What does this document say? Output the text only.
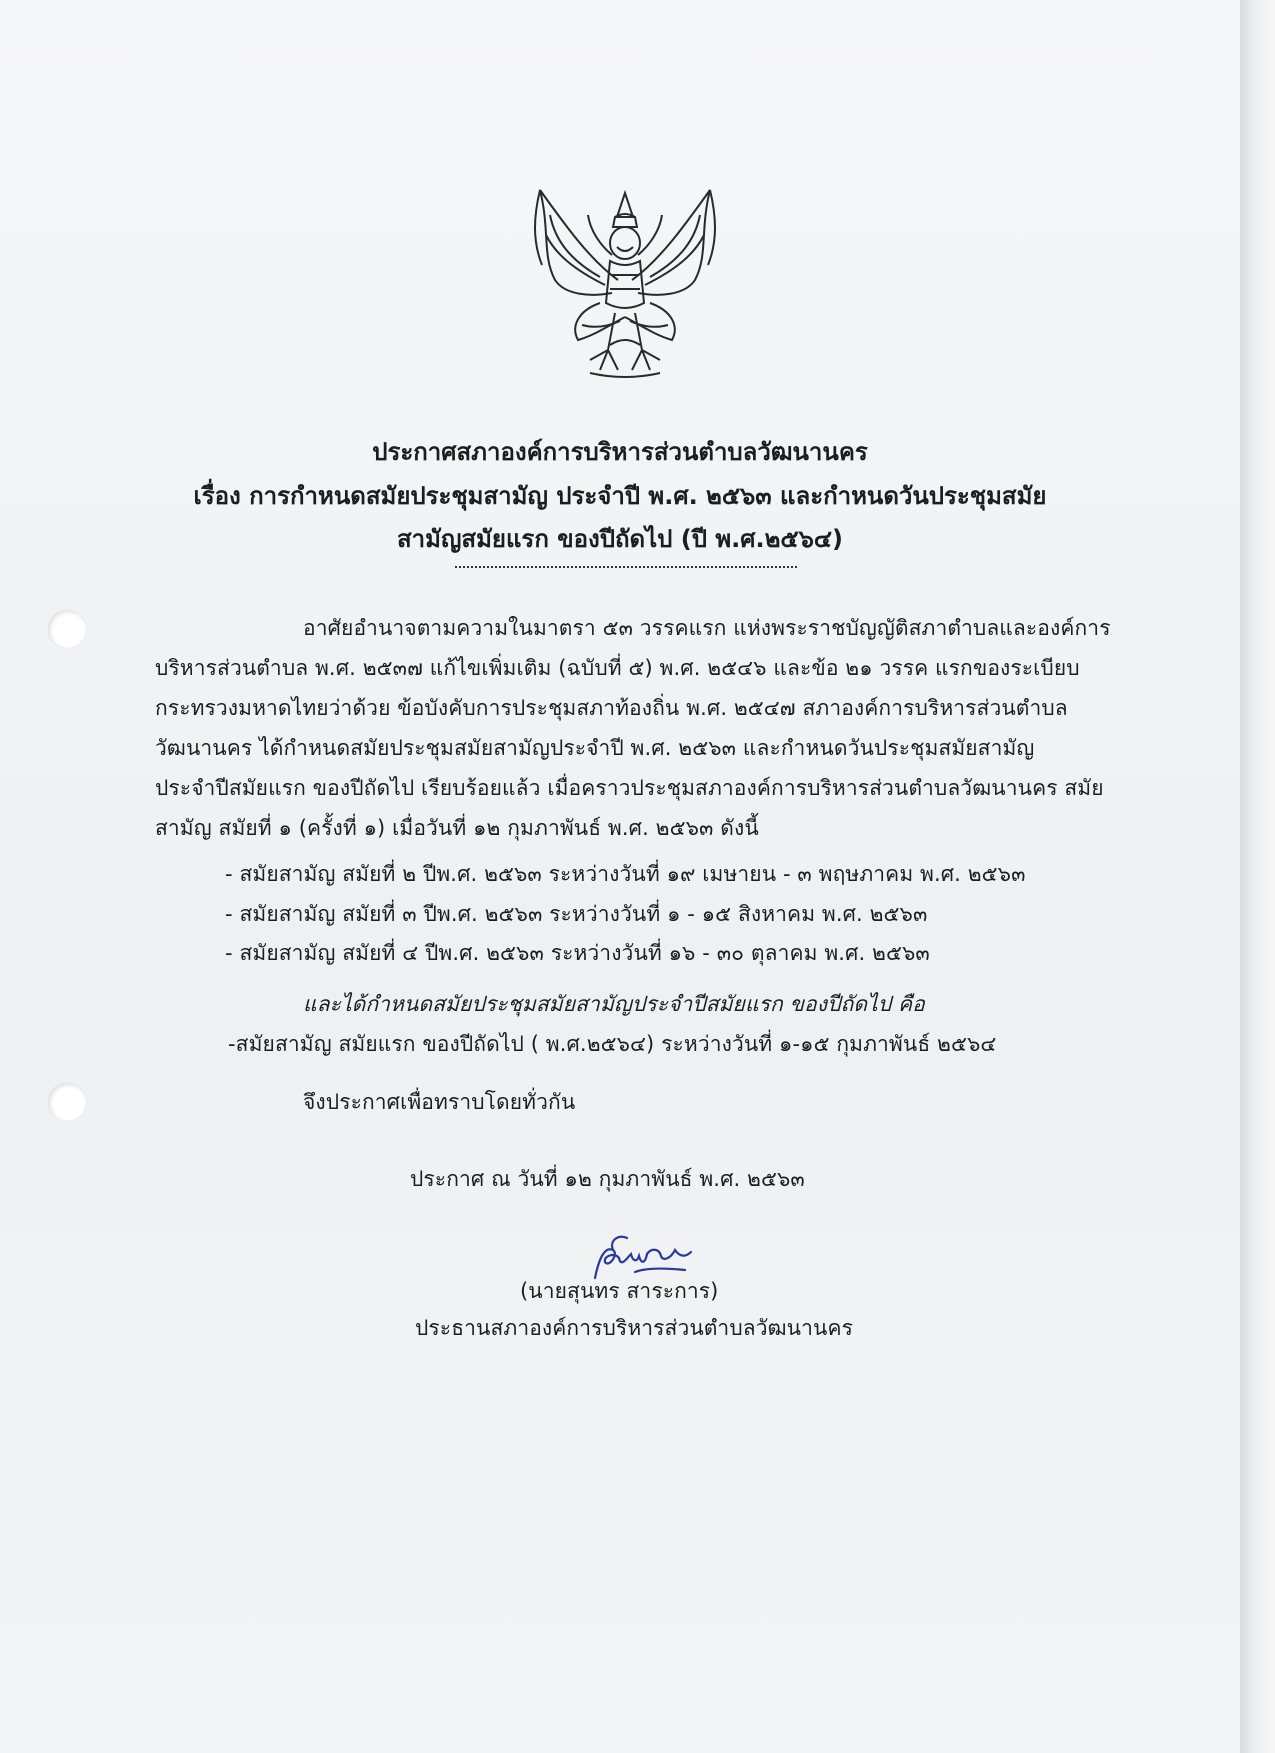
ประกาศสภาองค์การบริหารส่วนตำบลวัฒนานคร
เรื่อง การกำหนดสมัยประชุมสามัญ ประจำปี พ.ศ. ๒๕๖๓ และกำหนดวันประชุมสมัย
สามัญสมัยแรก ของปีถัดไป (ปี พ.ศ.๒๕๖๔)
อาศัยอำนาจตามความในมาตรา ๕๓ วรรคแรก แห่งพระราชบัญญัติสภาตำบลและองค์การ
บริหารส่วนตำบล พ.ศ. ๒๕๓๗ แก้ไขเพิ่มเติม (ฉบับที่ ๕) พ.ศ. ๒๕๔๖ และข้อ ๒๑ วรรค แรกของระเบียบ
กระทรวงมหาดไทยว่าด้วย ข้อบังคับการประชุมสภาท้องถิ่น พ.ศ. ๒๕๔๗ สภาองค์การบริหารส่วนตำบล
วัฒนานคร ได้กำหนดสมัยประชุมสมัยสามัญประจำปี พ.ศ. ๒๕๖๓ และกำหนดวันประชุมสมัยสามัญ
ประจำปีสมัยแรก ของปีถัดไป เรียบร้อยแล้ว เมื่อคราวประชุมสภาองค์การบริหารส่วนตำบลวัฒนานคร สมัย
สามัญ สมัยที่ ๑ (ครั้งที่ ๑) เมื่อวันที่ ๑๒ กุมภาพันธ์ พ.ศ. ๒๕๖๓ ดังนี้
- สมัยสามัญ สมัยที่ ๒ ปีพ.ศ. ๒๕๖๓ ระหว่างวันที่ ๑๙ เมษายน - ๓ พฤษภาคม พ.ศ. ๒๕๖๓
- สมัยสามัญ สมัยที่ ๓ ปีพ.ศ. ๒๕๖๓ ระหว่างวันที่ ๑ - ๑๕ สิงหาคม พ.ศ. ๒๕๖๓
- สมัยสามัญ สมัยที่ ๔ ปีพ.ศ. ๒๕๖๓ ระหว่างวันที่ ๑๖ - ๓๐ ตุลาคม พ.ศ. ๒๕๖๓
และได้กำหนดสมัยประชุมสมัยสามัญประจำปีสมัยแรก ของปีถัดไป คือ
-สมัยสามัญ สมัยแรก ของปีถัดไป ( พ.ศ.๒๕๖๔) ระหว่างวันที่ ๑-๑๕ กุมภาพันธ์ ๒๕๖๔
จึงประกาศเพื่อทราบโดยทั่วกัน
ประกาศ ณ วันที่ ๑๒ กุมภาพันธ์ พ.ศ. ๒๕๖๓
(นายสุนทร สาระการ)
ประธานสภาองค์การบริหารส่วนตำบลวัฒนานคร
